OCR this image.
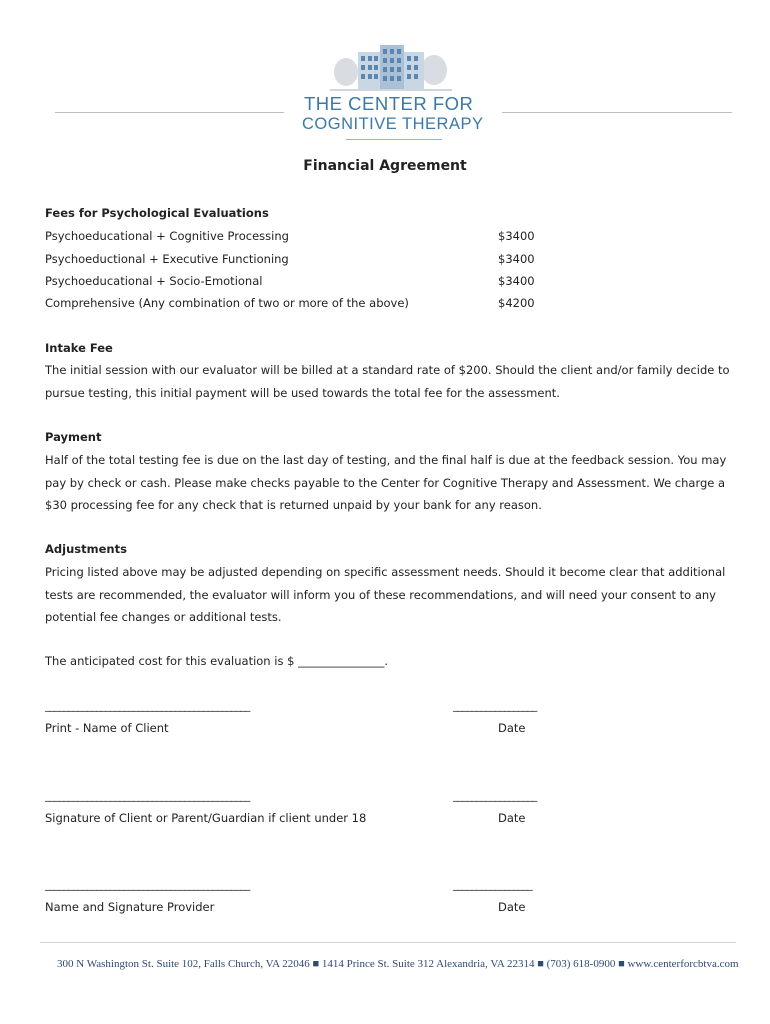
THE CENTER FOR
COGNITIVE THERAPY
Financial Agreement
Fees for Psychological Evaluations
Psychoeducational + Cognitive Processing	$3400
Psychoeductional + Executive Functioning	$3400
Psychoeducational + Socio-Emotional	$3400
Comprehensive (Any combination of two or more of the above)	$4200
Intake Fee
The initial session with our evaluator will be billed at a standard rate of $200. Should the client and/or family decide to pursue testing, this initial payment will be used towards the total fee for the assessment.
Payment
Half of the total testing fee is due on the last day of testing, and the final half is due at the feedback session. You may pay by check or cash. Please make checks payable to the Center for Cognitive Therapy and Assessment. We charge a $30 processing fee for any check that is returned unpaid by your bank for any reason.
Adjustments
Pricing listed above may be adjusted depending on specific assessment needs. Should it become clear that additional tests are recommended, the evaluator will inform you of these recommendations, and will need your consent to any potential fee changes or additional tests.
The anticipated cost for this evaluation is $ _______________.
____________________________________________	__________________
Print - Name of Client	Date
____________________________________________	__________________
Signature of Client or Parent/Guardian if client under 18	Date
____________________________________________	_________________
Name and Signature Provider	Date
300 N Washington St. Suite 102, Falls Church, VA 22046 ■ 1414 Prince St. Suite 312 Alexandria, VA 22314 ■ (703) 618-0900 ■ www.centerforcbtva.com
